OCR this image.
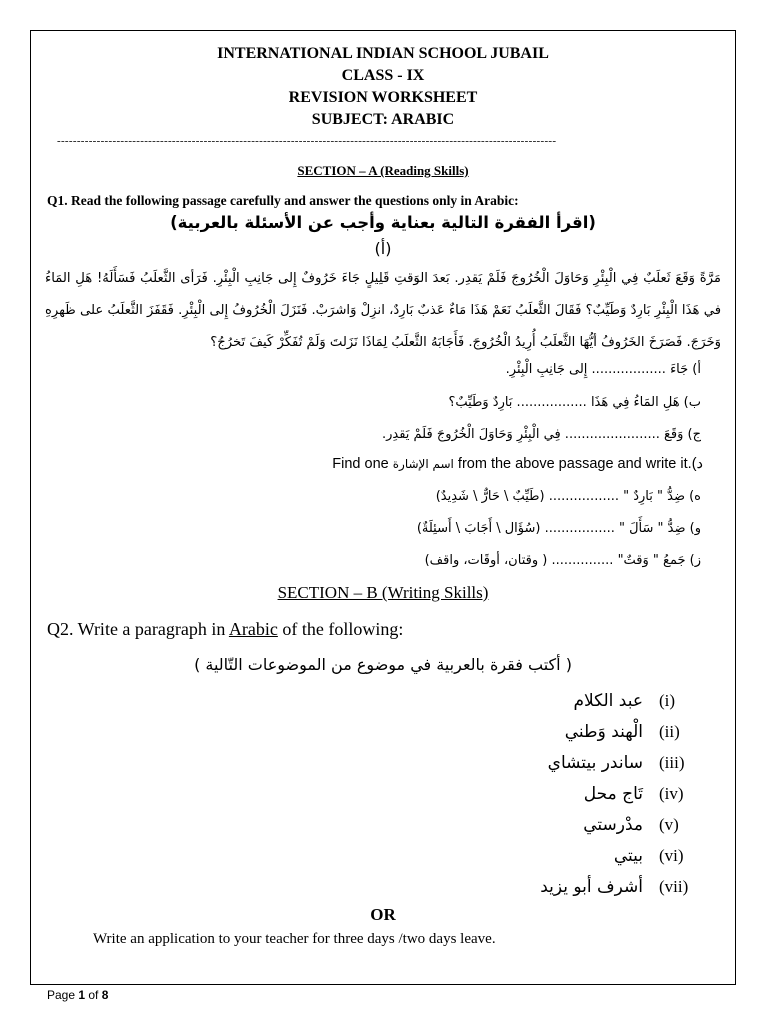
INTERNATIONAL INDIAN SCHOOL JUBAIL
CLASS - IX
REVISION WORKSHEET
SUBJECT: ARABIC
------------------------------------------------------------------------------------------------------------------------------
SECTION – A (Reading Skills)
Q1. Read the following passage carefully and answer the questions only in Arabic:
(اقرأ الفقرة التالية بعناية وأجب عن الأسئلة بالعربية)
(أ)
مَرَّةً وَقَعَ ثَعلَبٌ فِي الْبِئْرِ وَحَاوَلَ الْخُرُوجَ فَلَمْ يَقدِر. بَعدَ الوَقتِ قَلِيلٍ جَاءَ خَرُوفٌ إِلى جَانِبِ الْبِئْرِ. فَرَأى الثَّعلَبُ فَسَأَلَهُ! هَلِ المَاءُ في هَذَا الْبِئْرِ بَارِدٌ وَطَيِّبٌ؟ فَقَالَ الثَّعلَبُ نَعَمْ هَذَا مَاءٌ عَذبٌ بَارِدٌ، انزِلْ وَاشرَبْ. فَنَزَلَ الْخُرُوفُ إِلى الْبِئْرِ. فَقَفَزَ الثَّعلَبُ على ظَهرِهِ وَخَرَجَ. فَصَرَخَ الخَرُوفُ أيُّهَا الثَّعلَبُ أُرِيدُ الْخُرُوجَ. فَأَجَابَهُ الثَّعلَبُ لِمَاذَا نَزَلتَ وَلَمْ تُفَكِّرْ كَيفَ تَخرُجُ؟
أ) جَاءَ .................. إِلى جَانِبِ الْبِئْرِ.
ب) هَلِ المَاءُ فِي هَذَا ................. بَارِدٌ وَطَيِّبٌ؟
ج) وَقَعَ ....................... فِي الْبِئْرِ وَحَاوَلَ الْخُرُوجَ فَلَمْ يَقدِر.
Find one اسم الإشارة from the above passage and write it.(د
ه) ضِدُّ " بَارِدٌ " ................. (طَيِّبٌ \ حَارٌّ \ شَدِيدٌ)
و) ضِدُّ " سَأَلَ " ................. (سُؤَال \ أَجَابَ \ أَسئِلَةٌ)
ز) جَمعُ " وَقتٌ" ............... ( وقتان، أوقَات، واقف)
SECTION – B (Writing Skills)
Q2. Write a paragraph in Arabic of the following:
( أكتب فقرة بالعربية في موضوع من الموضوعات التّالية )
عبد الكلام (i)
الْهند وَطني (ii)
ساندر بيتشاي (iii)
تَاج محل (iv)
مدْرستي (v)
بيتي (vi)
أشرف أبو يزيد (vii)
OR
Write an application to your teacher for three days /two days leave.
Page 1 of 8
